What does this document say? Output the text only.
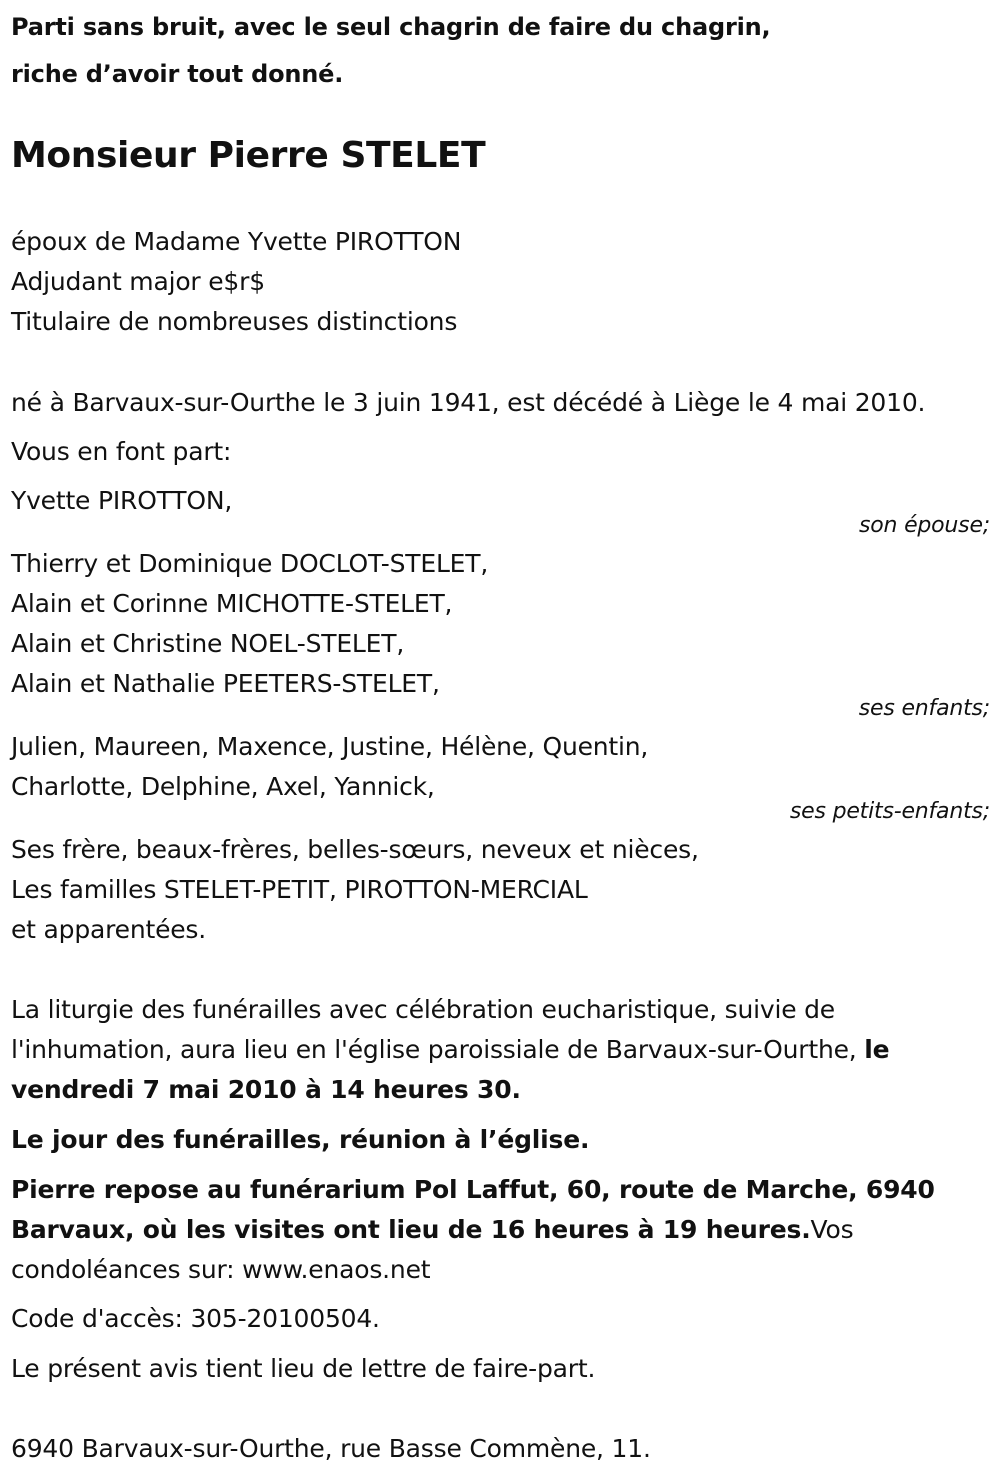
Parti sans bruit, avec le seul chagrin de faire du chagrin,
riche d’avoir tout donné.
Monsieur Pierre STELET
époux de Madame Yvette PIROTTON
Adjudant major e$r$
Titulaire de nombreuses distinctions
né à Barvaux-sur-Ourthe le 3 juin 1941, est décédé à Liège le 4 mai 2010.
Vous en font part:
Yvette PIROTTON,
son épouse;
Thierry et Dominique DOCLOT-STELET,
Alain et Corinne MICHOTTE-STELET,
Alain et Christine NOEL-STELET,
Alain et Nathalie PEETERS-STELET,
ses enfants;
Julien, Maureen, Maxence, Justine, Hélène, Quentin,
Charlotte, Delphine, Axel, Yannick,
ses petits-enfants;
Ses frère, beaux-frères, belles-sœurs, neveux et nièces,
Les familles STELET-PETIT, PIROTTON-MERCIAL
et apparentées.
La liturgie des funérailles avec célébration eucharistique, suivie de
l'inhumation, aura lieu en l'église paroissiale de Barvaux-sur-Ourthe, le
vendredi 7 mai 2010 à 14 heures 30.
Le jour des funérailles, réunion à l’église.
Pierre repose au funérarium Pol Laffut, 60, route de Marche, 6940
Barvaux, où les visites ont lieu de 16 heures à 19 heures.Vos
condoléances sur: www.enaos.net
Code d'accès: 305-20100504.
Le présent avis tient lieu de lettre de faire-part.
6940 Barvaux-sur-Ourthe, rue Basse Commène, 11.
